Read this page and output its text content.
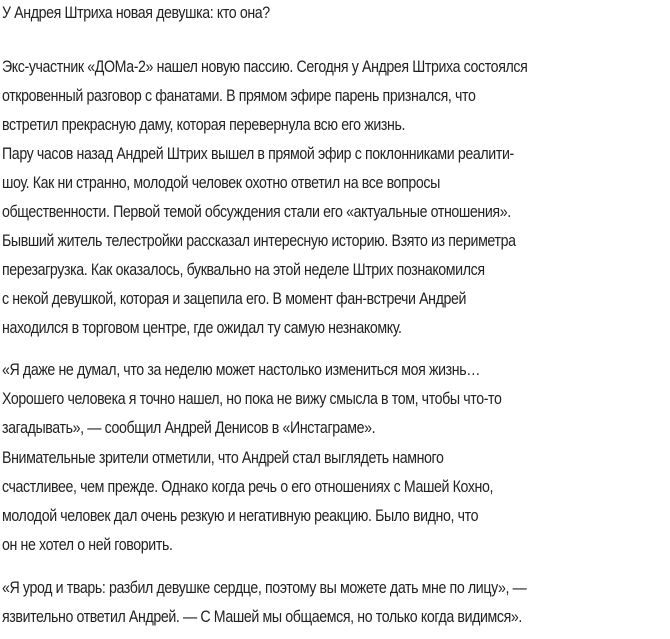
У Андрея Штриха новая девушка: кто она?

Экс-участник «ДОМа-2» нашел новую пассию. Сегодня у Андрея Штриха состоялся
откровенный разговор с фанатами. В прямом эфире парень признался, что
встретил прекрасную даму, которая перевернула всю его жизнь.

Пару часов назад Андрей Штрих вышел в прямой эфир с поклонниками реалити-
шоу. Как ни странно, молодой человек охотно ответил на все вопросы
общественности. Первой темой обсуждения стали его «актуальные отношения».

Бывший житель телестройки рассказал интересную историю. Взято из периметра
перезагрузка. Как оказалось, буквально на этой неделе Штрих познакомился
с некой девушкой, которая и зацепила его. В момент фан-встречи Андрей
находился в торговом центре, где ожидал ту самую незнакомку.

«Я даже не думал, что за неделю может настолько измениться моя жизнь…
Хорошего человека я точно нашел, но пока не вижу смысла в том, чтобы что-то
загадывать», — сообщил Андрей Денисов в «Инстаграме».

Внимательные зрители отметили, что Андрей стал выглядеть намного
счастливее, чем прежде. Однако когда речь о его отношениях с Машей Кохно,
молодой человек дал очень резкую и негативную реакцию. Было видно, что
он не хотел о ней говорить.

«Я урод и тварь: разбил девушке сердце, поэтому вы можете дать мне по лицу», —
язвительно ответил Андрей. — С Машей мы общаемся, но только когда видимся».
